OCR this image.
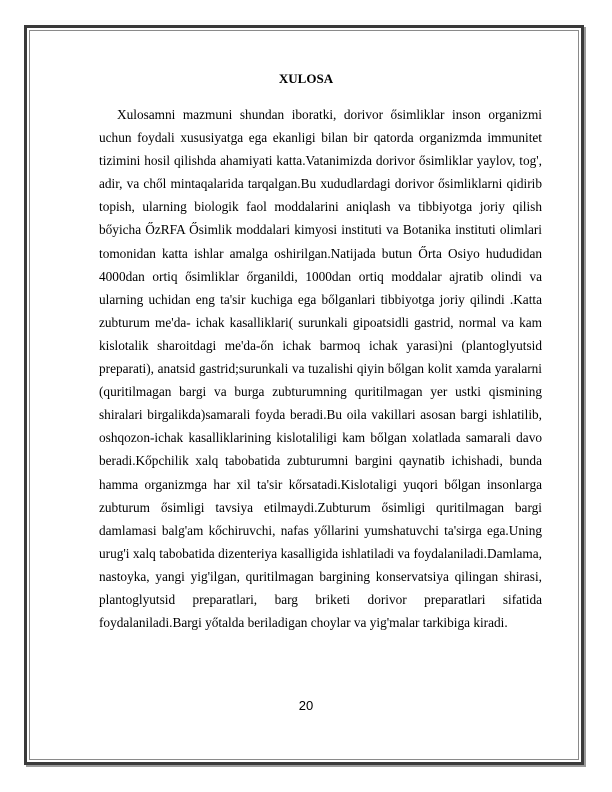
XULOSA

Xulosamni mazmuni shundan iboratki, dorivor ősimliklar inson organizmi uchun foydali xususiyatga ega ekanligi bilan bir qatorda organizmda immunitet tizimini hosil qilishda ahamiyati katta.Vatanimizda dorivor ősimliklar yaylov, tog', adir, va chől mintaqalarida tarqalgan.Bu xududlardagi dorivor ősimliklarni qidirib topish, ularning biologik faol moddalarini aniqlash va tibbiyotga joriy qilish bőyicha ŐzRFA Ősimlik moddalari kimyosi instituti va Botanika instituti olimlari tomonidan katta ishlar amalga oshirilgan.Natijada butun Őrta Osiyo hududidan 4000dan ortiq ősimliklar őrganildi, 1000dan ortiq moddalar ajratib olindi va ularning uchidan eng ta'sir kuchiga ega bőlganlari tibbiyotga joriy qilindi .Katta zubturum me'da- ichak kasalliklari( surunkali gipoatsidli gastrid, normal va kam kislotalik sharoitdagi me'da-őn ichak barmoq ichak yarasi)ni (plantoglyutsid preparati), anatsid gastrid;surunkali va tuzalishi qiyin bőlgan kolit xamda yaralarni (quritilmagan bargi va burga zubturumning quritilmagan yer ustki qismining shiralari birgalikda)samarali foyda beradi.Bu oila vakillari asosan bargi ishlatilib, oshqozon-ichak kasalliklarining kislotaliligi kam bőlgan xolatlada samarali davo beradi.Kőpchilik xalq tabobatida zubturumni bargini qaynatib ichishadi, bunda hamma organizmga har xil ta'sir kőrsatadi.Kislotaligi yuqori bőlgan insonlarga zubturum ősimligi tavsiya etilmaydi.Zubturum ősimligi quritilmagan bargi damlamasi balg'am kőchiruvchi, nafas yőllarini yumshatuvchi ta'sirga ega.Uning urug'i xalq tabobatida dizenteriya kasalligida ishlatiladi va foydalaniladi.Damlama, nastoyka, yangi yig'ilgan, quritilmagan bargining konservatsiya qilingan shirasi, plantoglyutsid preparatlari, barg briketi dorivor preparatlari sifatida foydalaniladi.Bargi yőtalda beriladigan choylar va yig'malar tarkibiga kiradi.

20
